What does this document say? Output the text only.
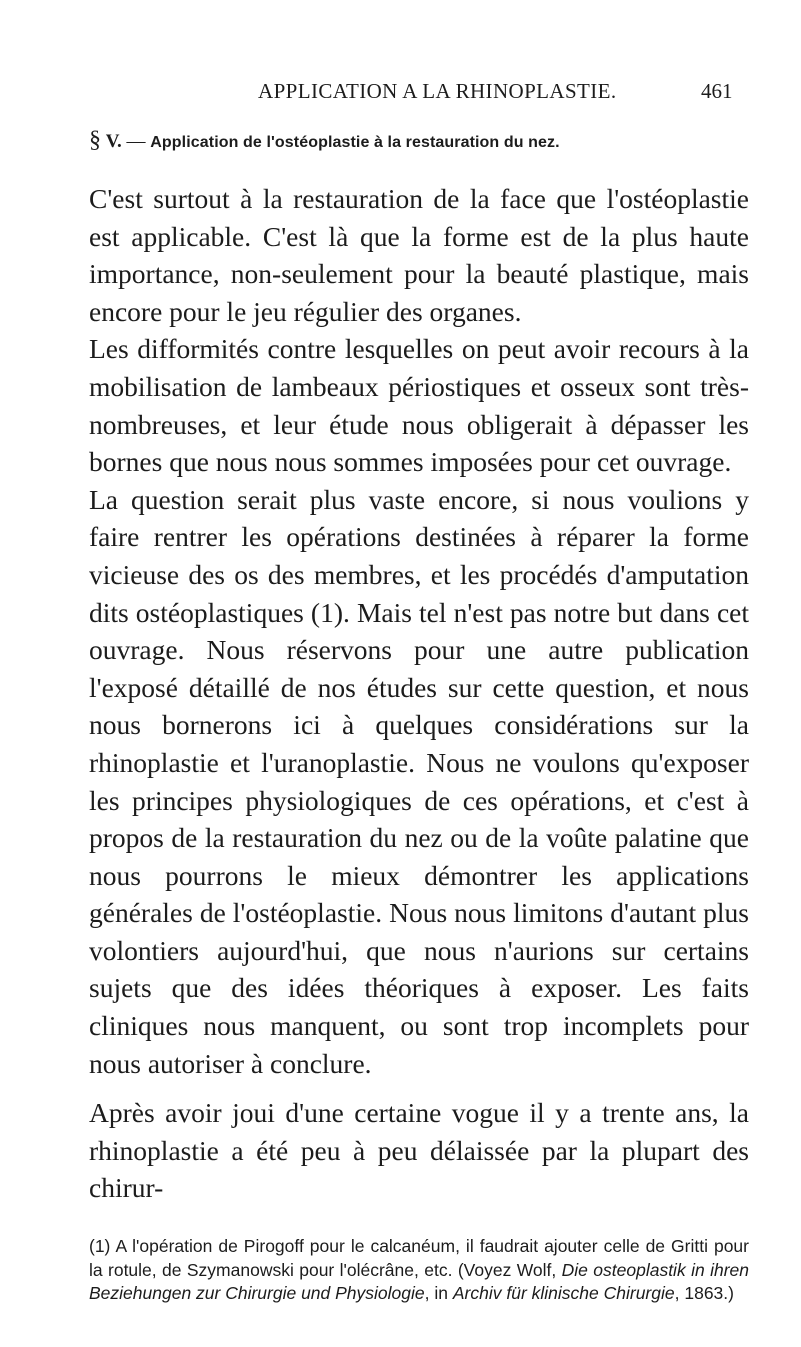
APPLICATION A LA RHINOPLASTIE.	461
§ V. — Application de l'ostéoplastie à la restauration du nez.

C'est surtout à la restauration de la face que l'ostéoplastie est applicable. C'est là que la forme est de la plus haute importance, non-seulement pour la beauté plastique, mais encore pour le jeu régulier des organes.

Les difformités contre lesquelles on peut avoir recours à la mobilisation de lambeaux périostiques et osseux sont très-nombreuses, et leur étude nous obligerait à dépasser les bornes que nous nous sommes imposées pour cet ouvrage.

La question serait plus vaste encore, si nous voulions y faire rentrer les opérations destinées à réparer la forme vicieuse des os des membres, et les procédés d'amputation dits ostéoplastiques (1). Mais tel n'est pas notre but dans cet ouvrage. Nous réservons pour une autre publication l'exposé détaillé de nos études sur cette question, et nous nous bornerons ici à quelques considérations sur la rhinoplastie et l'uranoplastie. Nous ne voulons qu'exposer les principes physiologiques de ces opérations, et c'est à propos de la restauration du nez ou de la voûte palatine que nous pourrons le mieux démontrer les applications générales de l'ostéoplastie. Nous nous limitons d'autant plus volontiers aujourd'hui, que nous n'aurions sur certains sujets que des idées théoriques à exposer. Les faits cliniques nous manquent, ou sont trop incomplets pour nous autoriser à conclure.

Après avoir joui d'une certaine vogue il y a trente ans, la rhinoplastie a été peu à peu délaissée par la plupart des chirur-

(1) A l'opération de Pirogoff pour le calcanéum, il faudrait ajouter celle de Gritti pour la rotule, de Szymanowski pour l'olécrâne, etc. (Voyez Wolf, Die osteoplastik in ihren Beziehungen zur Chirurgie und Physiologie, in Archiv für klinische Chirurgie, 1863.)
